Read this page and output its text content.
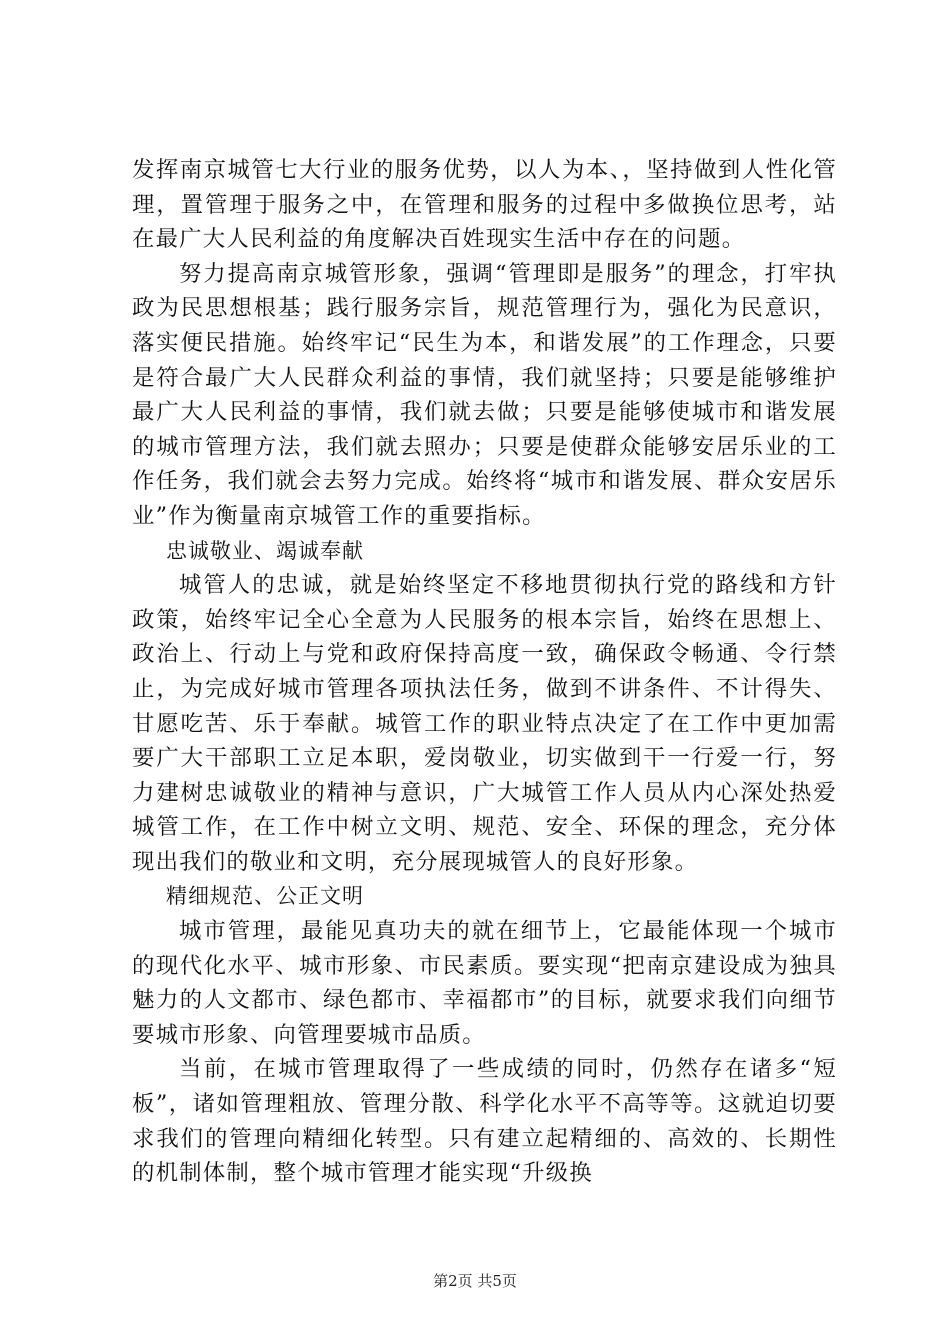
发挥南京城管七大行业的服务优势，以人为本、，坚持做到人性化管理，置管理于服务之中，在管理和服务的过程中多做换位思考，站在最广大人民利益的角度解决百姓现实生活中存在的问题。

努力提高南京城管形象，强调“管理即是服务”的理念，打牢执政为民思想根基；践行服务宗旨，规范管理行为，强化为民意识，落实便民措施。始终牢记“民生为本，和谐发展”的工作理念，只要是符合最广大人民群众利益的事情，我们就坚持；只要是能够维护最广大人民利益的事情，我们就去做；只要是能够使城市和谐发展的城市管理方法，我们就去照办；只要是使群众能够安居乐业的工作任务，我们就会去努力完成。始终将“城市和谐发展、群众安居乐业”作为衡量南京城管工作的重要指标。

忠诚敬业、竭诚奉献

城管人的忠诚，就是始终坚定不移地贯彻执行党的路线和方针政策，始终牢记全心全意为人民服务的根本宗旨，始终在思想上、政治上、行动上与党和政府保持高度一致，确保政令畅通、令行禁止，为完成好城市管理各项执法任务，做到不讲条件、不计得失、甘愿吃苦、乐于奉献。城管工作的职业特点决定了在工作中更加需要广大干部职工立足本职，爱岗敬业，切实做到干一行爱一行，努力建树忠诚敬业的精神与意识，广大城管工作人员从内心深处热爱城管工作，在工作中树立文明、规范、安全、环保的理念，充分体现出我们的敬业和文明，充分展现城管人的良好形象。

精细规范、公正文明

城市管理，最能见真功夫的就在细节上，它最能体现一个城市的现代化水平、城市形象、市民素质。要实现“把南京建设成为独具魅力的人文都市、绿色都市、幸福都市”的目标，就要求我们向细节要城市形象、向管理要城市品质。

当前，在城市管理取得了一些成绩的同时，仍然存在诸多“短板”，诸如管理粗放、管理分散、科学化水平不高等等。这就迫切要求我们的管理向精细化转型。只有建立起精细的、高效的、长期性的机制体制，整个城市管理才能实现“升级换

第2页 共5页
